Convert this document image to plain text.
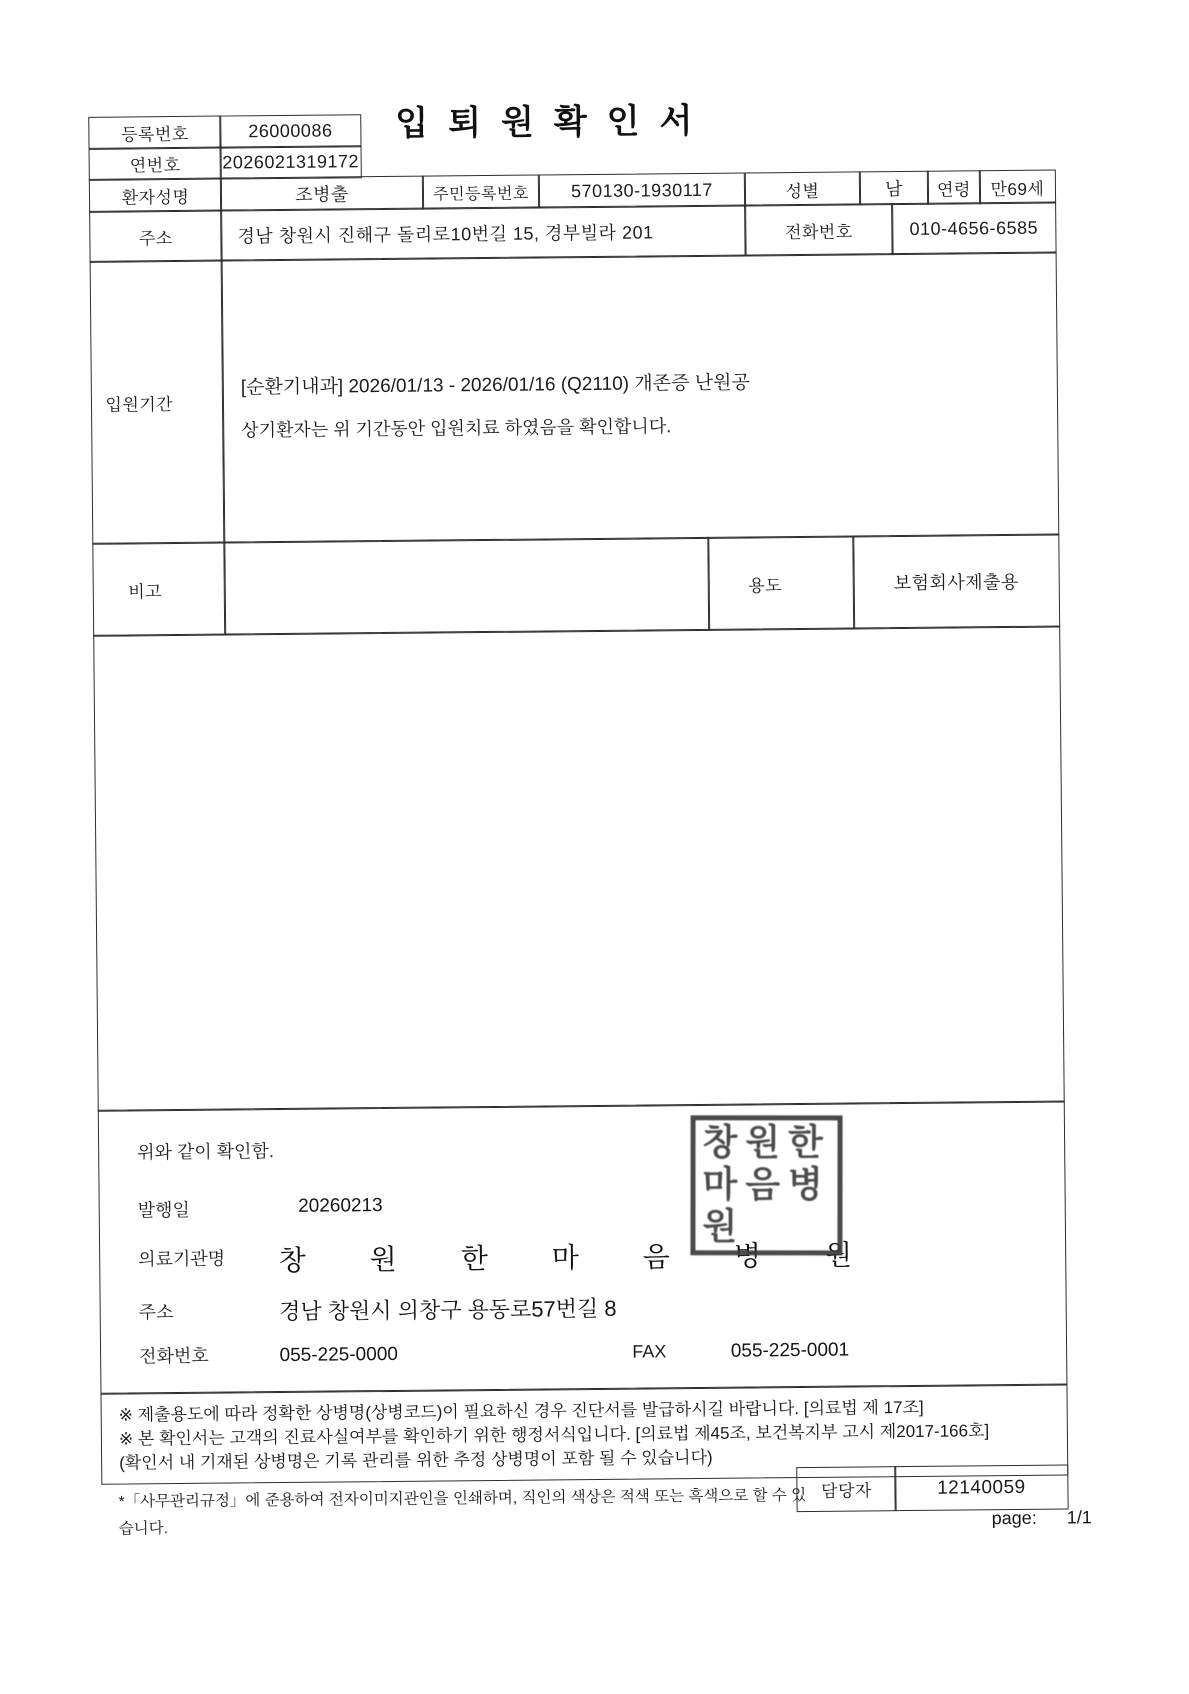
입퇴원확인서
등록번호	26000086
연번호	2026021319172
환자성명	조병출	주민등록번호	570130-1930117	성별	남	연령	만69세
주소	경남 창원시 진해구 돌리로10번길 15, 경부빌라 201	전화번호	010-4656-6585
입원기간
[순환기내과] 2026/01/13 - 2026/01/16 (Q2110) 개존증 난원공
상기환자는 위 기간동안 입원치료 하였음을 확인합니다.
비고	용도	보험회사제출용
위와 같이 확인함.
발행일	20260213
의료기관명 창원한마음병원
주소	경남 창원시 의창구 용동로57번길 8
전화번호	055-225-0000	FAX	055-225-0001
창원한마음병원
※ 제출용도에 따라 정확한 상병명(상병코드)이 필요하신 경우 진단서를 발급하시길 바랍니다. [의료법 제 17조]
※ 본 확인서는 고객의 진료사실여부를 확인하기 위한 행정서식입니다. [의료법 제45조, 보건복지부 고시 제2017-166호]
(확인서 내 기재된 상병명은 기록 관리를 위한 추정 상병명이 포함 될 수 있습니다)
담당자	12140059
*「사무관리규정」에 준용하여 전자이미지관인을 인쇄하며, 직인의 색상은 적색 또는 흑색으로 할 수 있습니다.
page: 1/1
